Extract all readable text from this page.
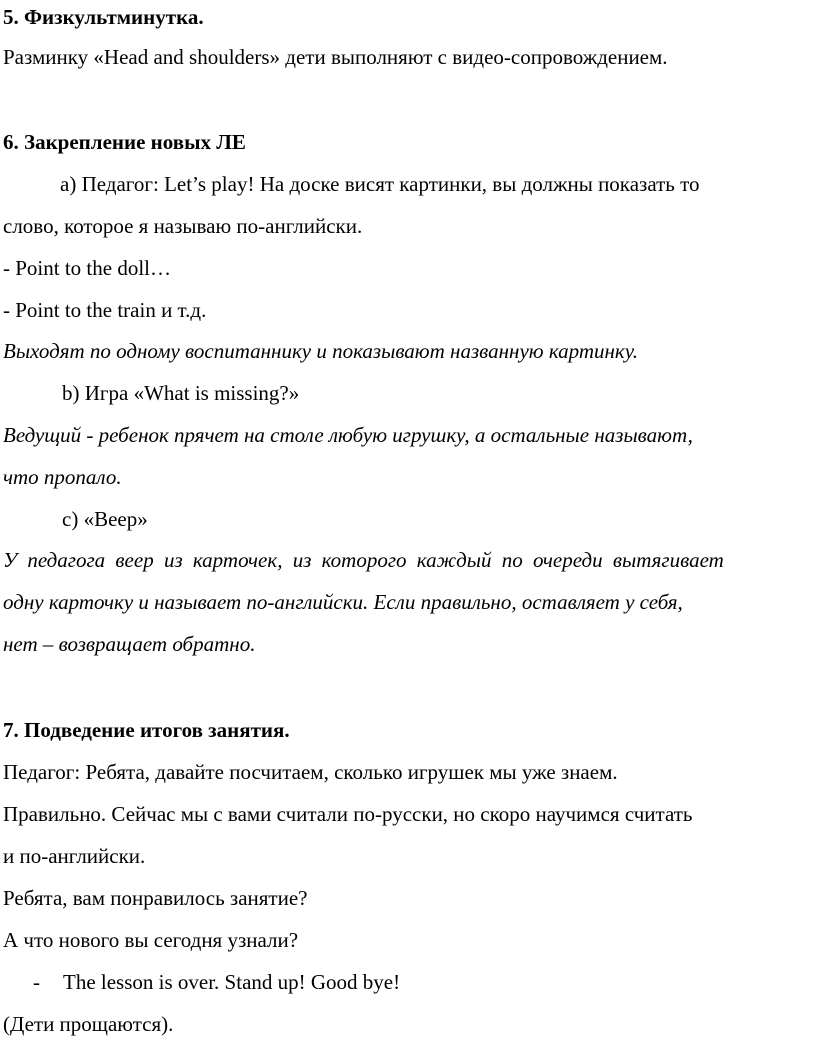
5. Физкультминутка.
Разминку «Head and shoulders» дети выполняют с видео-сопровождением.
6. Закрепление новых ЛЕ
а) Педагог: Let’s play! На доске висят картинки, вы должны показать то
слово, которое я называю по-английски.
- Point to the doll…
- Point to the train и т.д.
Выходят по одному воспитаннику и показывают названную картинку.
b) Игра «What is missing?»
Ведущий - ребенок прячет на столе любую игрушку, а остальные называют,
что пропало.
c) «Веер»
У педагога веер из карточек, из которого каждый по очереди вытягивает
одну карточку и называет по-английски. Если правильно, оставляет у себя,
нет – возвращает обратно.
7. Подведение итогов занятия.
Педагог: Ребята, давайте посчитаем, сколько игрушек мы уже знаем.
Правильно. Сейчас мы с вами считали по-русски, но скоро научимся считать
и по-английски.
Ребята, вам понравилось занятие?
А что нового вы сегодня узнали?
- The lesson is over. Stand up! Good bye!
(Дети прощаются).
